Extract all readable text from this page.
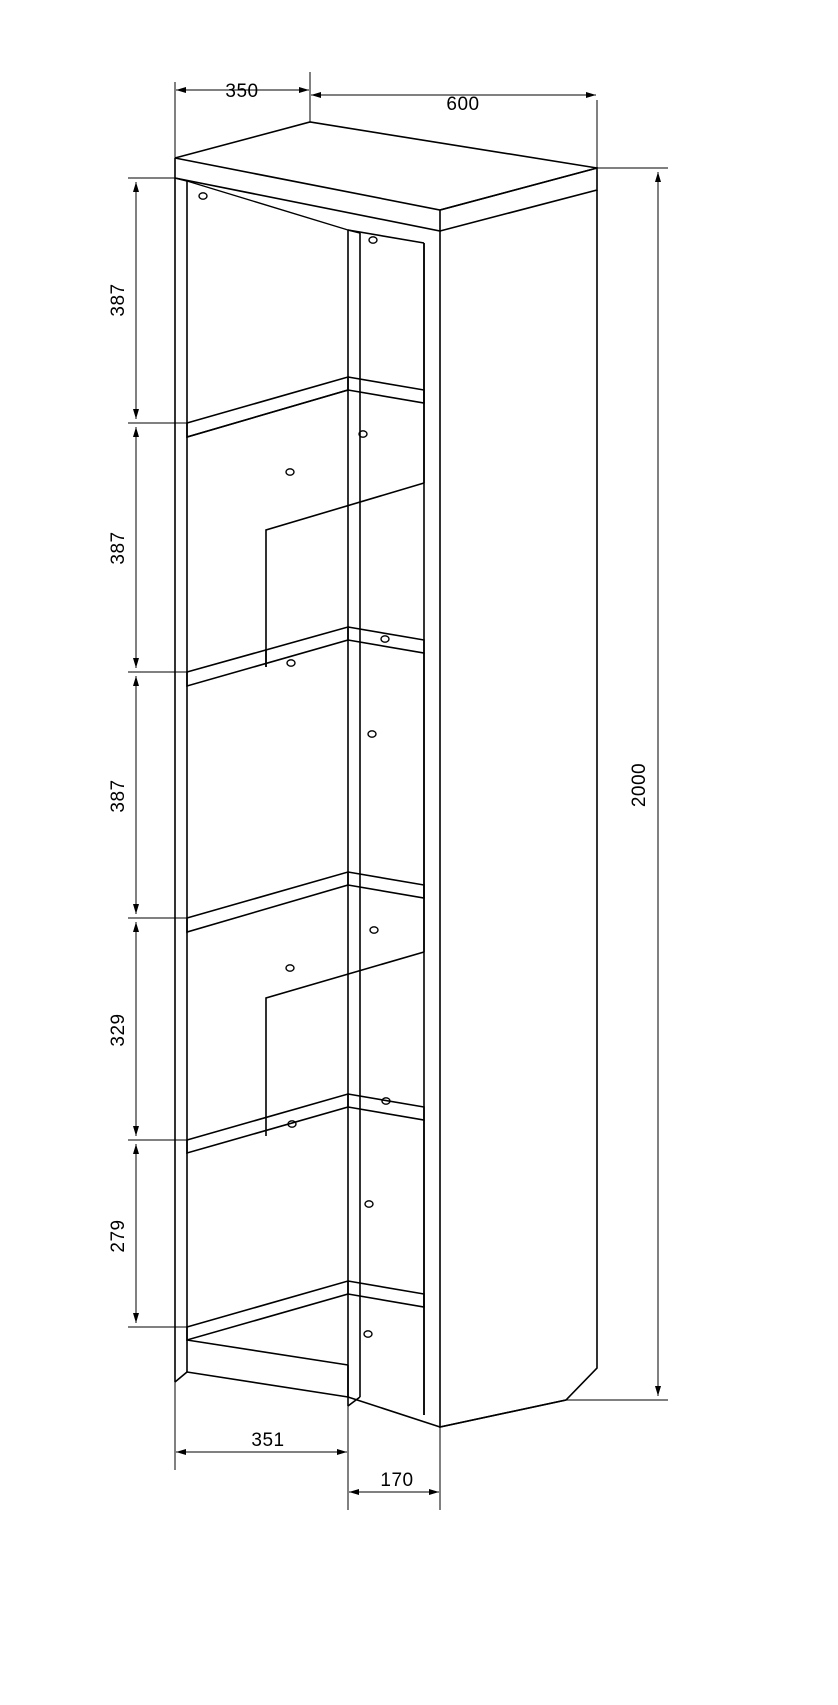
350
600
2000
387
387
387
329
279
351
170
